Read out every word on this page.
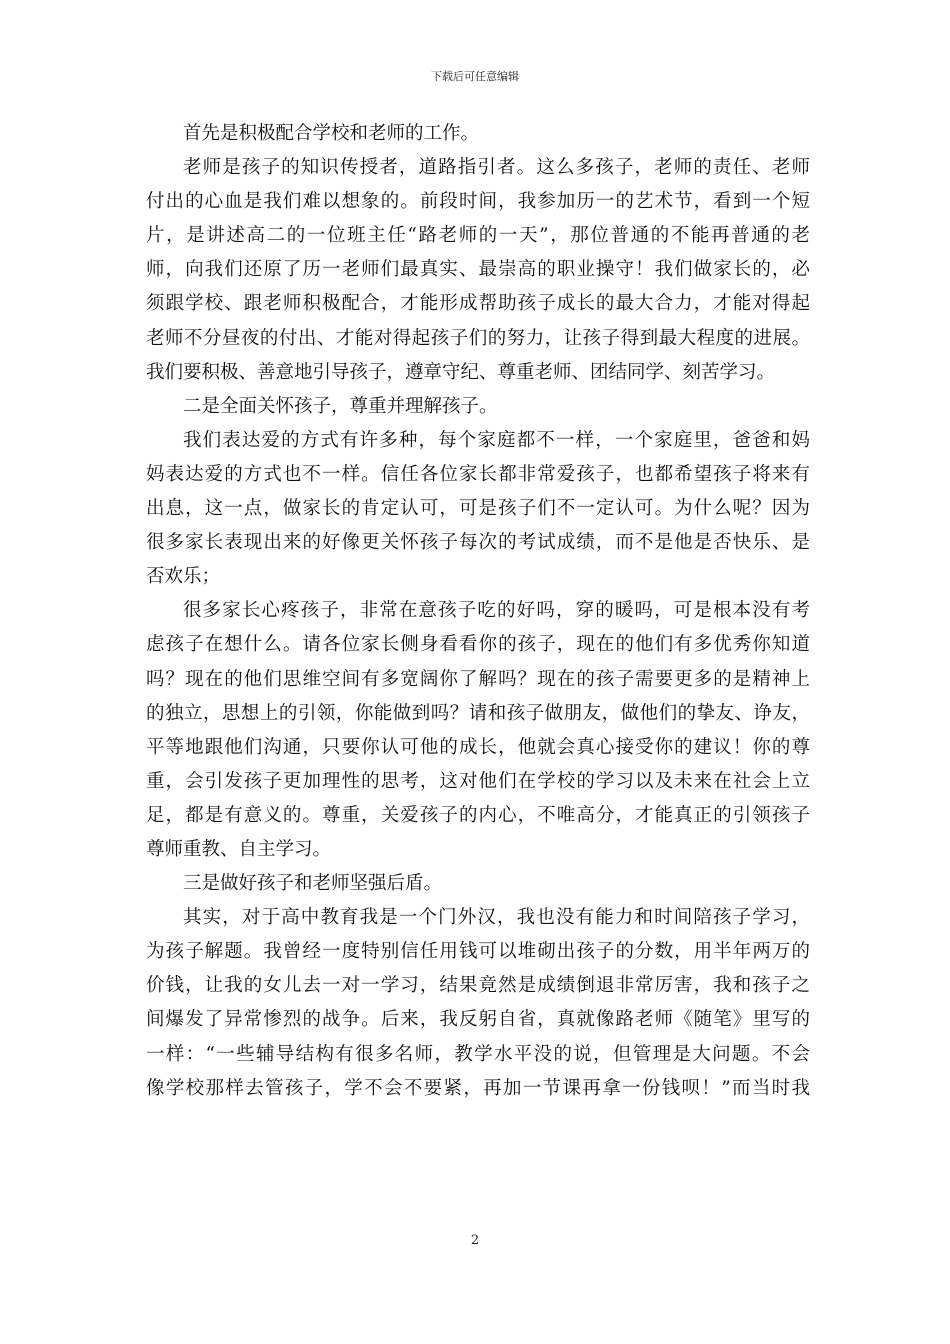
下载后可任意编辑
首先是积极配合学校和老师的工作。
老师是孩子的知识传授者，道路指引者。这么多孩子，老师的责任、老师
付出的心血是我们难以想象的。前段时间，我参加历一的艺术节，看到一个短
片，是讲述高二的一位班主任“路老师的一天”，那位普通的不能再普通的老
师，向我们还原了历一老师们最真实、最崇高的职业操守！我们做家长的，必
须跟学校、跟老师积极配合，才能形成帮助孩子成长的最大合力，才能对得起
老师不分昼夜的付出、才能对得起孩子们的努力，让孩子得到最大程度的进展。
我们要积极、善意地引导孩子，遵章守纪、尊重老师、团结同学、刻苦学习。
二是全面关怀孩子，尊重并理解孩子。
我们表达爱的方式有许多种，每个家庭都不一样，一个家庭里，爸爸和妈
妈表达爱的方式也不一样。信任各位家长都非常爱孩子，也都希望孩子将来有
出息，这一点，做家长的肯定认可，可是孩子们不一定认可。为什么呢？因为
很多家长表现出来的好像更关怀孩子每次的考试成绩，而不是他是否快乐、是
否欢乐；
很多家长心疼孩子，非常在意孩子吃的好吗，穿的暖吗，可是根本没有考
虑孩子在想什么。请各位家长侧身看看你的孩子，现在的他们有多优秀你知道
吗？现在的他们思维空间有多宽阔你了解吗？现在的孩子需要更多的是精神上
的独立，思想上的引领，你能做到吗？请和孩子做朋友，做他们的挚友、诤友，
平等地跟他们沟通，只要你认可他的成长，他就会真心接受你的建议！你的尊
重，会引发孩子更加理性的思考，这对他们在学校的学习以及未来在社会上立
足，都是有意义的。尊重，关爱孩子的内心，不唯高分，才能真正的引领孩子
尊师重教、自主学习。
三是做好孩子和老师坚强后盾。
其实，对于高中教育我是一个门外汉，我也没有能力和时间陪孩子学习，
为孩子解题。我曾经一度特别信任用钱可以堆砌出孩子的分数，用半年两万的
价钱，让我的女儿去一对一学习，结果竟然是成绩倒退非常厉害，我和孩子之
间爆发了异常惨烈的战争。后来，我反躬自省，真就像路老师《随笔》里写的
一样：“一些辅导结构有很多名师，教学水平没的说，但管理是大问题。不会
像学校那样去管孩子，学不会不要紧，再加一节课再拿一份钱呗！”而当时我
2
